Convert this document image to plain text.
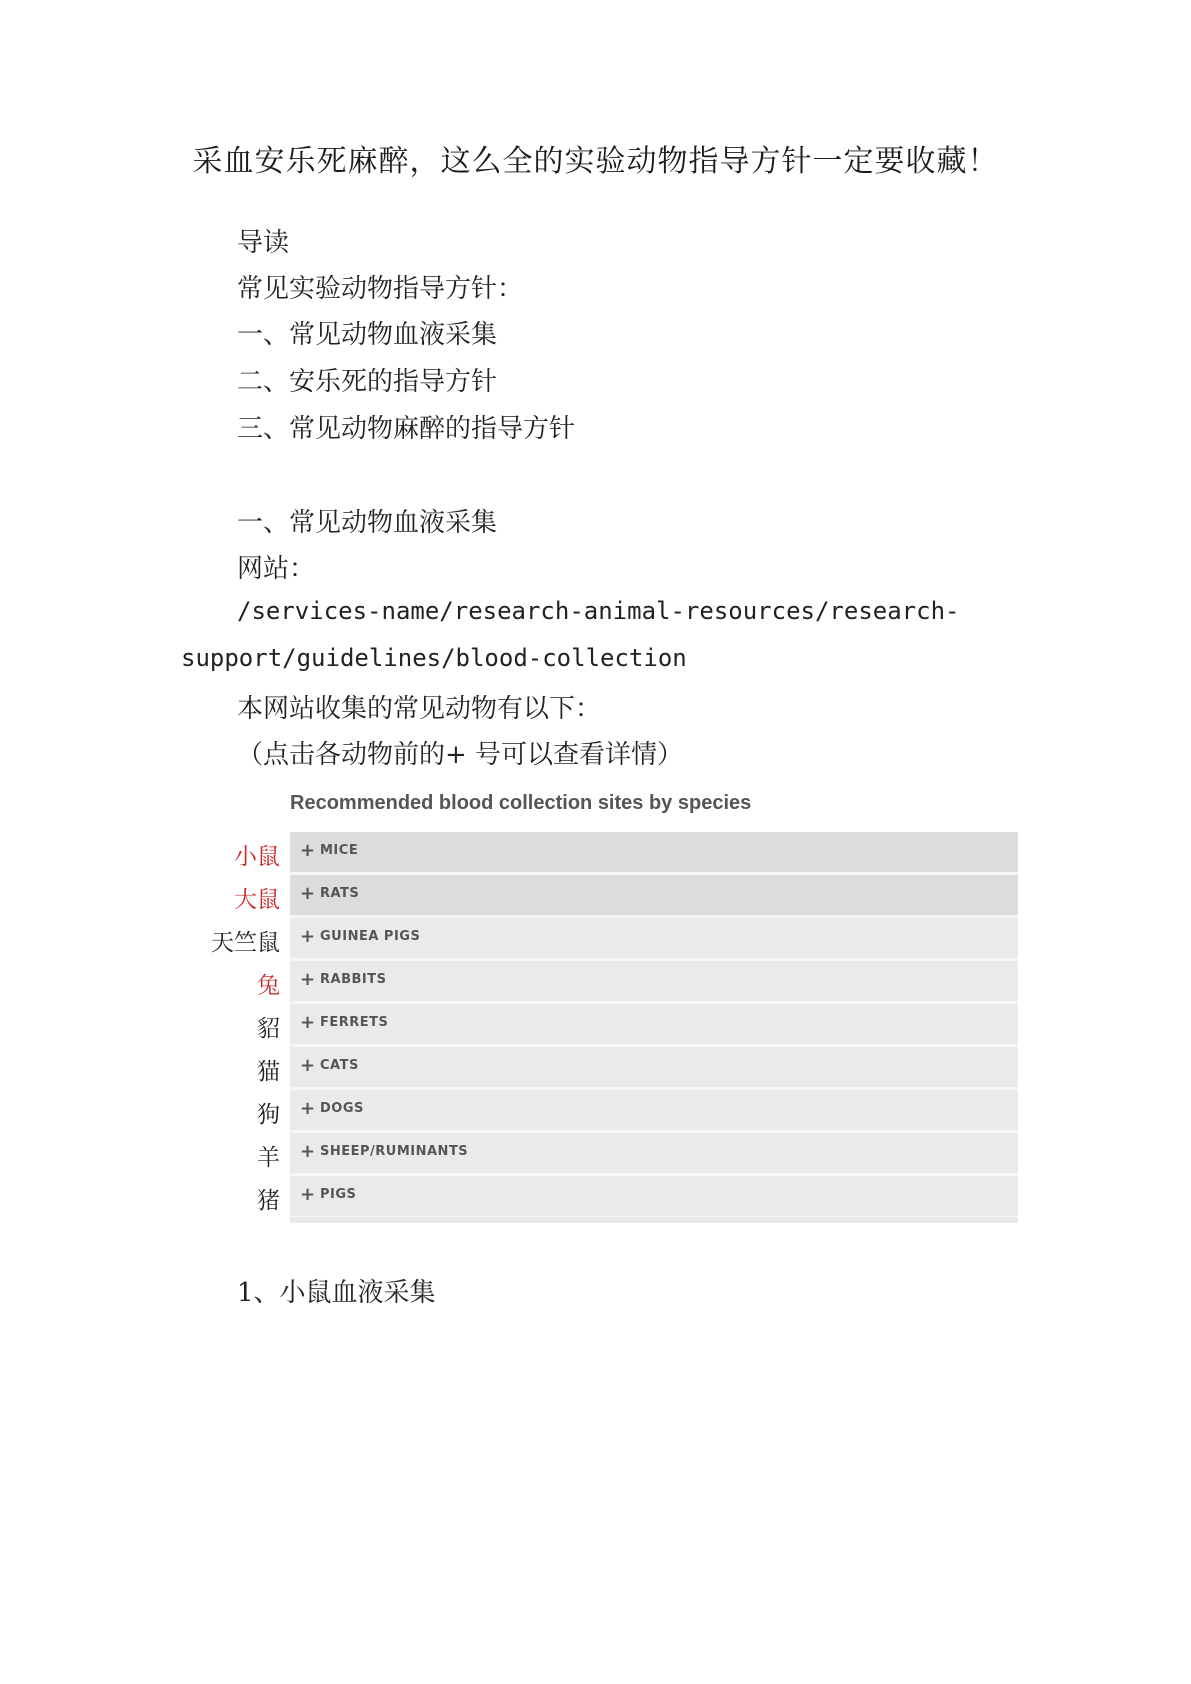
采血安乐死麻醉，这么全的实验动物指导方针一定要收藏！

导读

常见实验动物指导方针：

一、常见动物血液采集

二、安乐死的指导方针

三、常见动物麻醉的指导方针

一、常见动物血液采集

网站：

/services-name/research-animal-resources/research-

support/guidelines/blood-collection

本网站收集的常见动物有以下：

（点击各动物前的+ 号可以查看详情）

Recommended blood collection sites by species

小鼠 + MICE
大鼠 + RATS
天竺鼠 + GUINEA PIGS
兔 + RABBITS
貂 + FERRETS
猫 + CATS
狗 + DOGS
羊 + SHEEP/RUMINANTS
猪 + PIGS

1、小鼠血液采集
